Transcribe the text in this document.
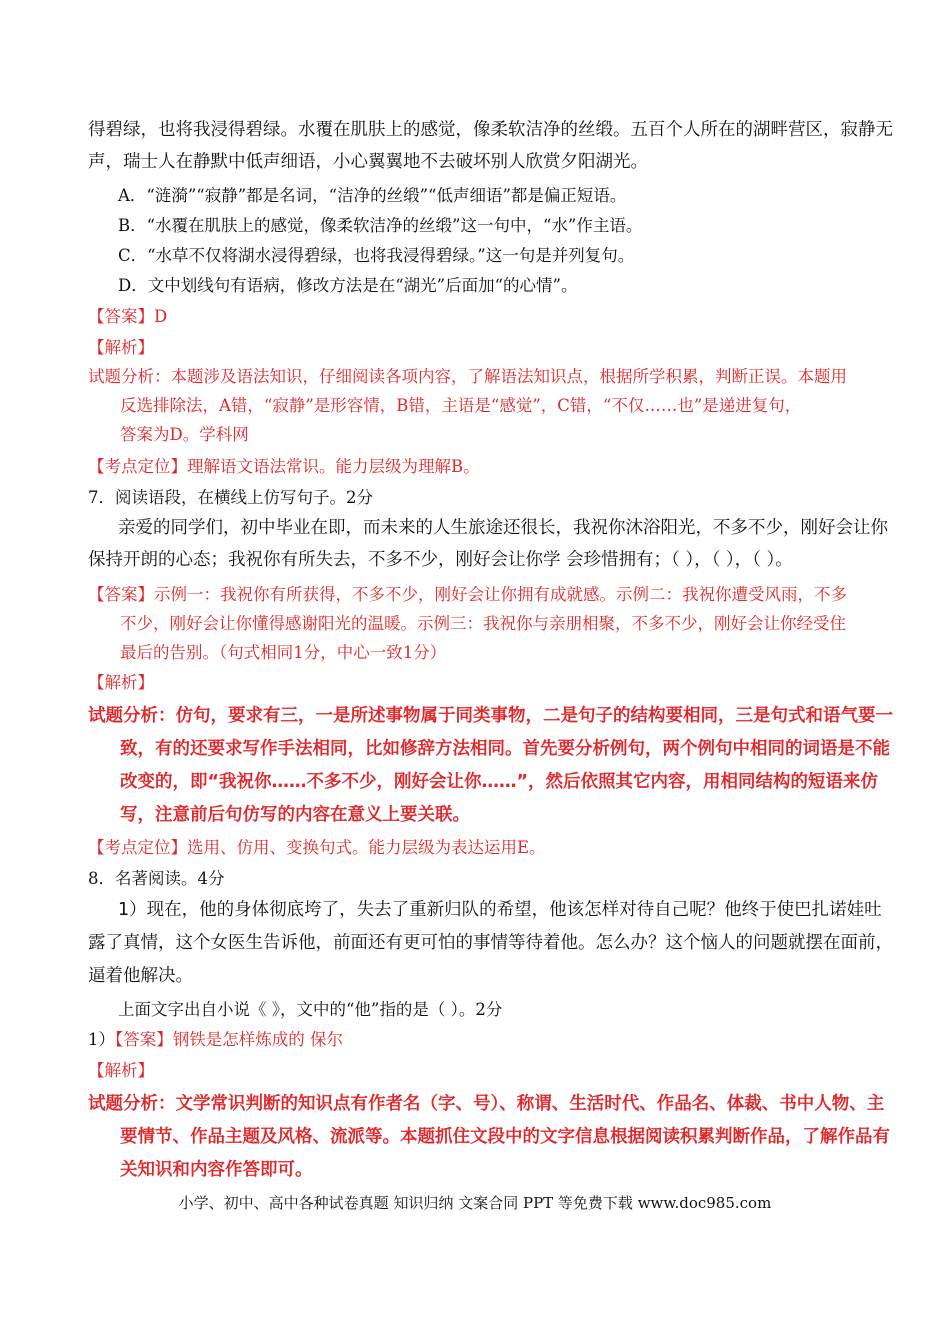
得碧绿，也将我浸得碧绿。水覆在肌肤上的感觉，像柔软洁净的丝缎。五百个人所在的湖畔营区，寂静无
声，瑞士人在静默中低声细语，小心翼翼地不去破坏别人欣赏夕阳湖光。
A．“涟漪”“寂静”都是名词，“洁净的丝缎”“低声细语”都是偏正短语。
B．“水覆在肌肤上的感觉，像柔软洁净的丝缎”这一句中，“水”作主语。
C．“水草不仅将湖水浸得碧绿，也将我浸得碧绿。”这一句是并列复句。
D．文中划线句有语病，修改方法是在“湖光”后面加“的心情”。
【答案】D
【解析】
试题分析：本题涉及语法知识，仔细阅读各项内容，了解语法知识点，根据所学积累，判断正误。本题用
反选排除法，A错，“寂静”是形容情，B错，主语是“感觉”，C错，“不仅……也”是递进复句，
答案为D。学科网
【考点定位】理解语文语法常识。能力层级为理解B。
7．阅读语段，在横线上仿写句子。2分
亲爱的同学们，初中毕业在即，而未来的人生旅途还很长，我祝你沐浴阳光，不多不少，刚好会让你
保持开朗的心态；我祝你有所失去，不多不少，刚好会让你学 会珍惜拥有；（ ），（ ），（ ）。
【答案】示例一：我祝你有所获得，不多不少，刚好会让你拥有成就感。示例二：我祝你遭受风雨，不多
不少，刚好会让你懂得感谢阳光的温暖。示例三：我祝你与亲朋相聚，不多不少，刚好会让你经受住
最后的告别。（句式相同1分，中心一致1分）
【解析】
试题分析：仿句，要求有三，一是所述事物属于同类事物，二是句子的结构要相同，三是句式和语气要一
致，有的还要求写作手法相同，比如修辞方法相同。首先要分析例句，两个例句中相同的词语是不能
改变的，即“我祝你……不多不少，刚好会让你……”，然后依照其它内容，用相同结构的短语来仿
写，注意前后句仿写的内容在意义上要关联。
【考点定位】选用、仿用、变换句式。能力层级为表达运用E。
8．名著阅读。4分
1）现在，他的身体彻底垮了，失去了重新归队的希望，他该怎样对待自己呢？他终于使巴扎诺娃吐
露了真情，这个女医生告诉他，前面还有更可怕的事情等待着他。怎么办？这个恼人的问题就摆在面前，
逼着他解决。
上面文字出自小说《 》，文中的“他”指的是（ ）。2分
1）【答案】钢铁是怎样炼成的 保尔
【解析】
试题分析：文学常识判断的知识点有作者名（字、号）、称谓、生活时代、作品名、体裁、书中人物、主
要情节、作品主题及风格、流派等。本题抓住文段中的文字信息根据阅读积累判断作品，了解作品有
关知识和内容作答即可。
小学、初中、高中各种试卷真题 知识归纳 文案合同 PPT 等免费下载 www.doc985.com
